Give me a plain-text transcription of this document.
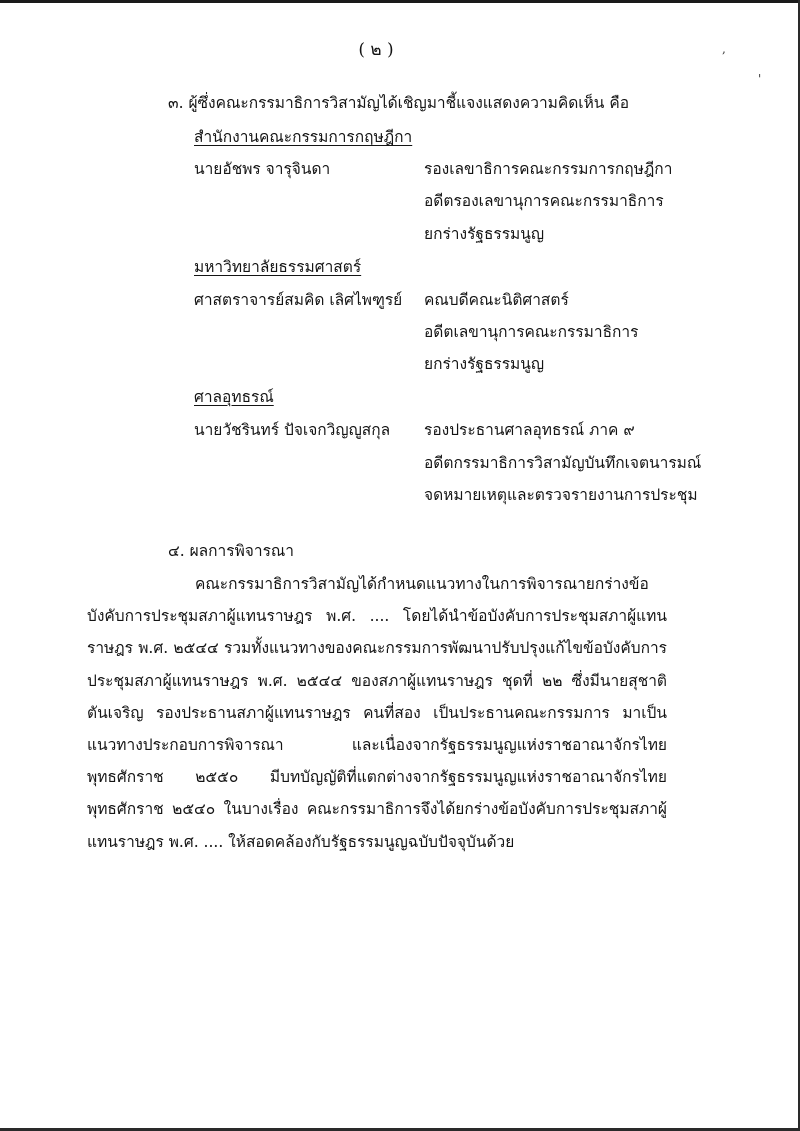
,
'
( ๒ )
๓. ผู้ซึ่งคณะกรรมาธิการวิสามัญได้เชิญมาชี้แจงแสดงความคิดเห็น คือ
สำนักงานคณะกรรมการกฤษฎีกา
นายอัชพร จารุจินดา	รองเลขาธิการคณะกรรมการกฤษฎีกา
อดีตรองเลขานุการคณะกรรมาธิการ
ยกร่างรัฐธรรมนูญ
มหาวิทยาลัยธรรมศาสตร์
ศาสตราจารย์สมคิด เลิศไพฑูรย์ คณบดีคณะนิติศาสตร์
อดีตเลขานุการคณะกรรมาธิการ
ยกร่างรัฐธรรมนูญ
ศาลอุทธรณ์
นายวัชรินทร์ ปัจเจกวิญญูสกุล รองประธานศาลอุทธรณ์ ภาค ๙
อดีตกรรมาธิการวิสามัญบันทึกเจตนารมณ์
จดหมายเหตุและตรวจรายงานการประชุม
๔. ผลการพิจารณา
คณะกรรมาธิการวิสามัญได้กำหนดแนวทางในการพิจารณายกร่างข้อบังคับการประชุมสภาผู้แทนราษฎร พ.ศ. .... โดยได้นำข้อบังคับการประชุมสภาผู้แทนราษฎร พ.ศ. ๒๕๔๔ รวมทั้งแนวทางของคณะกรรมการพัฒนาปรับปรุงแก้ไขข้อบังคับการประชุมสภาผู้แทนราษฎร พ.ศ. ๒๕๔๔ ของสภาผู้แทนราษฎร ชุดที่ ๒๒ ซึ่งมีนายสุชาติ ตันเจริญ รองประธานสภาผู้แทนราษฎร คนที่สอง เป็นประธานคณะกรรมการ มาเป็นแนวทางประกอบการพิจารณา และเนื่องจากรัฐธรรมนูญแห่งราชอาณาจักรไทย พุทธศักราช ๒๕๕๐ มีบทบัญญัติที่แตกต่างจากรัฐธรรมนูญแห่งราชอาณาจักรไทย พุทธศักราช ๒๕๔๐ ในบางเรื่อง คณะกรรมาธิการจึงได้ยกร่างข้อบังคับการประชุมสภาผู้แทนราษฎร พ.ศ. .... ให้สอดคล้องกับรัฐธรรมนูญฉบับปัจจุบันด้วย
